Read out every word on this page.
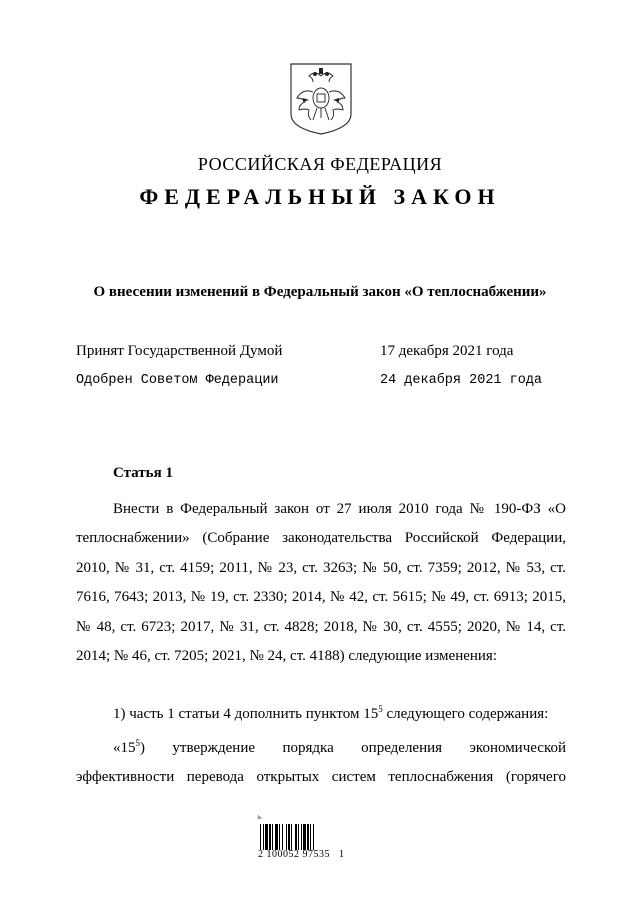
РОССИЙСКАЯ ФЕДЕРАЦИЯ
ФЕДЕРАЛЬНЫЙ ЗАКОН
О внесении изменений в Федеральный закон «О теплоснабжении»
Принят Государственной Думой	17 декабря 2021 года
Одобрен Советом Федерации	24 декабря 2021 года
Статья 1
Внести в Федеральный закон от 27 июля 2010 года № 190-ФЗ «О теплоснабжении» (Собрание законодательства Российской Федерации, 2010, № 31, ст. 4159; 2011, № 23, ст. 3263; № 50, ст. 7359; 2012, № 53, ст. 7616, 7643; 2013, № 19, ст. 2330; 2014, № 42, ст. 5615; № 49, ст. 6913; 2015, № 48, ст. 6723; 2017, № 31, ст. 4828; 2018, № 30, ст. 4555; 2020, № 14, ст. 2014; № 46, ст. 7205; 2021, № 24, ст. 4188) следующие изменения:
1) часть 1 статьи 4 дополнить пунктом $15^5$ следующего содержания:
«$15^5$) утверждение порядка определения экономической эффективности перевода открытых систем теплоснабжения (горячего
Ju
2 100052 97535   1
